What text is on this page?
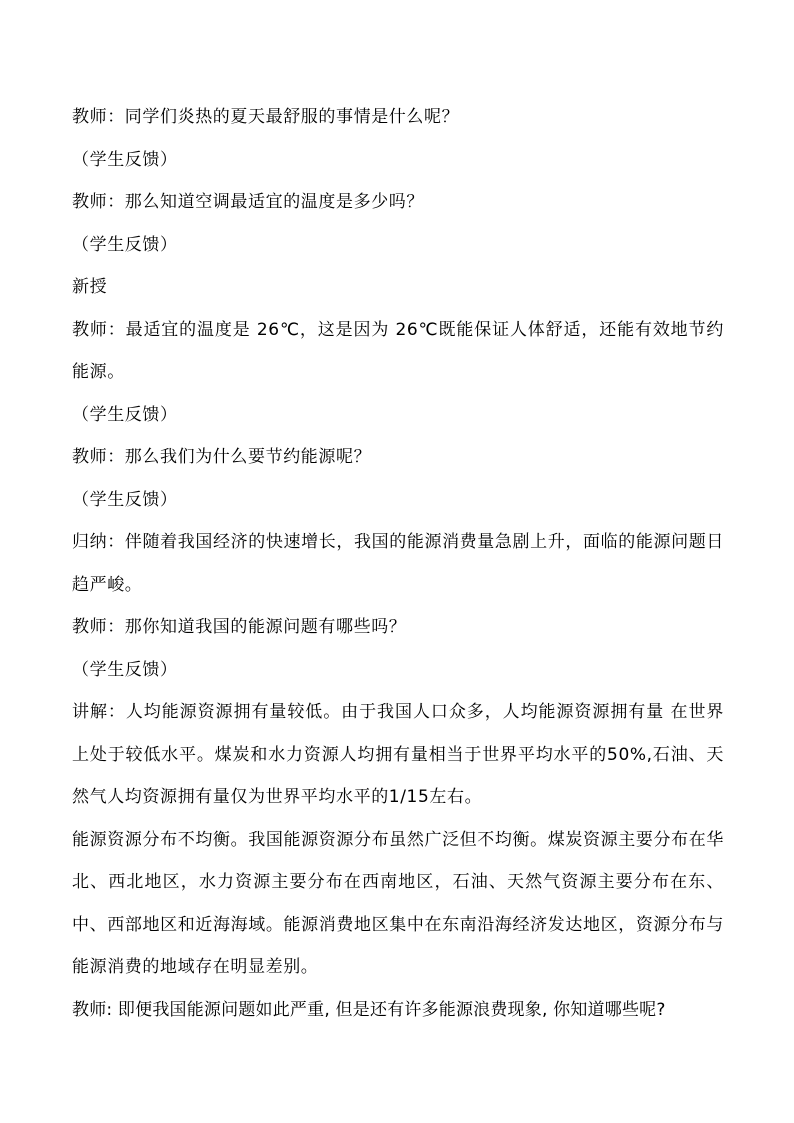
教师：同学们炎热的夏天最舒服的事情是什么呢？

（学生反馈）

教师：那么知道空调最适宜的温度是多少吗？

（学生反馈）

新授

教师：最适宜的温度是 26℃，这是因为 26℃既能保证人体舒适，还能有效地节约能源。

（学生反馈）

教师：那么我们为什么要节约能源呢？

（学生反馈）

归纳：伴随着我国经济的快速增长，我国的能源消费量急剧上升，面临的能源问题日趋严峻。

教师：那你知道我国的能源问题有哪些吗？

（学生反馈）

讲解：人均能源资源拥有量较低。由于我国人口众多，人均能源资源拥有量 在世界上处于较低水平。煤炭和水力资源人均拥有量相当于世界平均水平的50%,石油、天然气人均资源拥有量仅为世界平均水平的1/15左右。

能源资源分布不均衡。我国能源资源分布虽然广泛但不均衡。煤炭资源主要分布在华北、西北地区，水力资源主要分布在西南地区，石油、天然气资源主要分布在东、中、西部地区和近海海域。能源消费地区集中在东南沿海经济发达地区，资源分布与能源消费的地域存在明显差别。

教师: 即便我国能源问题如此严重, 但是还有许多能源浪费现象, 你知道哪些呢?
